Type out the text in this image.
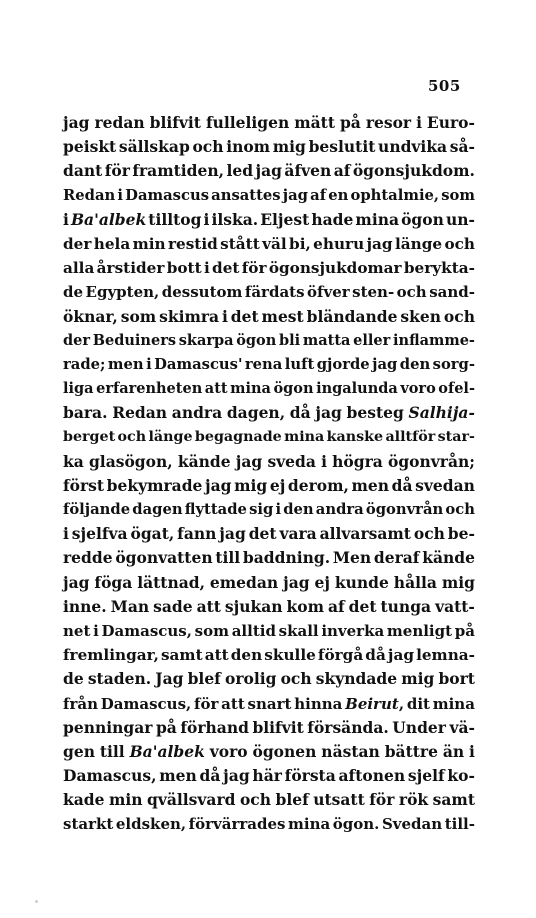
505
jag redan blifvit fulleligen mätt på resor i Euro-
peiskt sällskap och inom mig beslutit undvika så-
dant för framtiden, led jag äfven af ögonsjukdom.
Redan i Damascus ansattes jag af en ophtalmie, som
i Ba'albek tilltog i ilska. Eljest hade mina ögon un-
der hela min restid stått väl bi, ehuru jag länge och
alla årstider bott i det för ögonsjukdomar berykta-
de Egypten, dessutom färdats öfver sten- och sand-
öknar, som skimra i det mest bländande sken och
der Beduiners skarpa ögon bli matta eller inflamme-
rade; men i Damascus' rena luft gjorde jag den sorg-
liga erfarenheten att mina ögon ingalunda voro ofel-
bara. Redan andra dagen, då jag besteg Salhija-
berget och länge begagnade mina kanske alltför star-
ka glasögon, kände jag sveda i högra ögonvrån;
först bekymrade jag mig ej derom, men då svedan
följande dagen flyttade sig i den andra ögonvrån och
i sjelfva ögat, fann jag det vara allvarsamt och be-
redde ögonvatten till baddning. Men deraf kände
jag föga lättnad, emedan jag ej kunde hålla mig
inne. Man sade att sjukan kom af det tunga vatt-
net i Damascus, som alltid skall inverka menligt på
fremlingar, samt att den skulle förgå då jag lemna-
de staden. Jag blef orolig och skyndade mig bort
från Damascus, för att snart hinna Beirut, dit mina
penningar på förhand blifvit försända. Under vä-
gen till Ba'albek voro ögonen nästan bättre än i
Damascus, men då jag här första aftonen sjelf ko-
kade min qvällsvard och blef utsatt för rök samt
starkt eldsken, förvärrades mina ögon. Svedan till-
